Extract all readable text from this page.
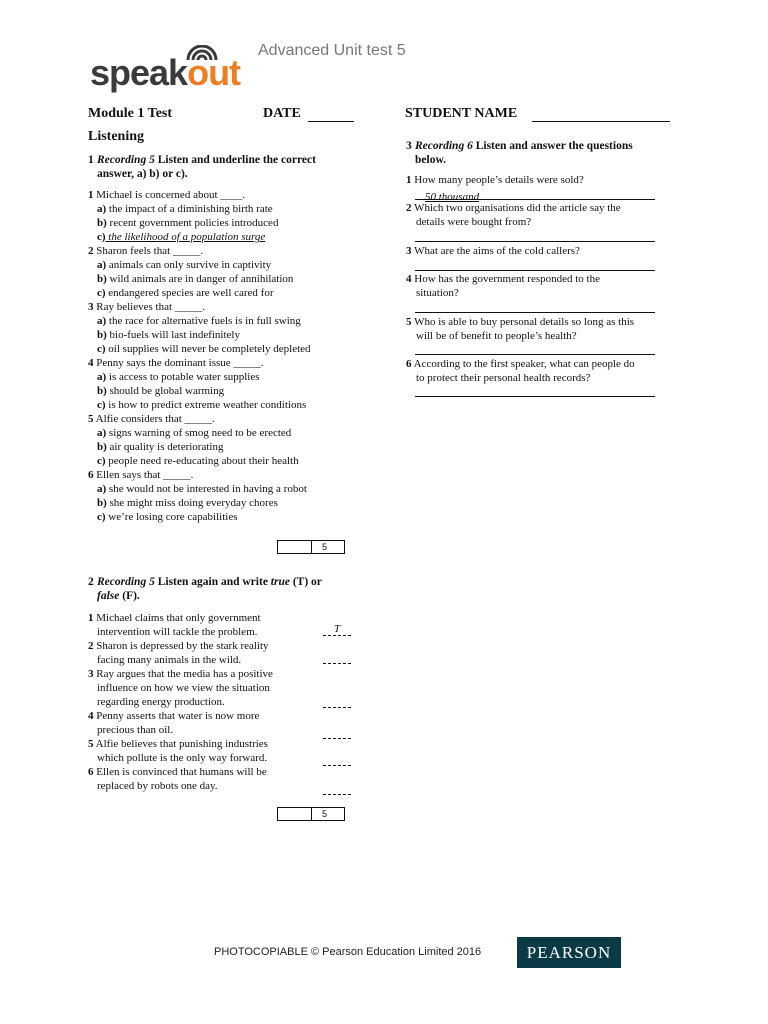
speakout
Advanced Unit test 5
Module 1 Test	DATE	STUDENT NAME
Listening
1 Recording 5 Listen and underline the correct
answer, a) b) or c).
1 Michael is concerned about ____.
a) the impact of a diminishing birth rate
b) recent government policies introduced
c) the likelihood of a population surge
2 Sharon feels that _____.
a) animals can only survive in captivity
b) wild animals are in danger of annihilation
c) endangered species are well cared for
3 Ray believes that _____.
a) the race for alternative fuels is in full swing
b) bio-fuels will last indefinitely
c) oil supplies will never be completely depleted
4 Penny says the dominant issue _____.
a) is access to potable water supplies
b) should be global warming
c) is how to predict extreme weather conditions
5 Alfie considers that _____.
a) signs warning of smog need to be erected
b) air quality is deteriorating
c) people need re-educating about their health
6 Ellen says that _____.
a) she would not be interested in having a robot
b) she might miss doing everyday chores
c) we’re losing core capabilities
5
2 Recording 5 Listen again and write true (T) or
false (F).
1 Michael claims that only government
intervention will tackle the problem.	T
2 Sharon is depressed by the stark reality
facing many animals in the wild.
3 Ray argues that the media has a positive
influence on how we view the situation
regarding energy production.
4 Penny asserts that water is now more
precious than oil.
5 Alfie believes that punishing industries
which pollute is the only way forward.
6 Ellen is convinced that humans will be
replaced by robots one day.
5
3 Recording 6 Listen and answer the questions
below.
1 How many people’s details were sold?
50 thousand
2 Which two organisations did the article say the
details were bought from?
3 What are the aims of the cold callers?
4 How has the government responded to the
situation?
5 Who is able to buy personal details so long as this
will be of benefit to people’s health?
6 According to the first speaker, what can people do
to protect their personal health records?
PHOTOCOPIABLE © Pearson Education Limited 2016	PEARSON
